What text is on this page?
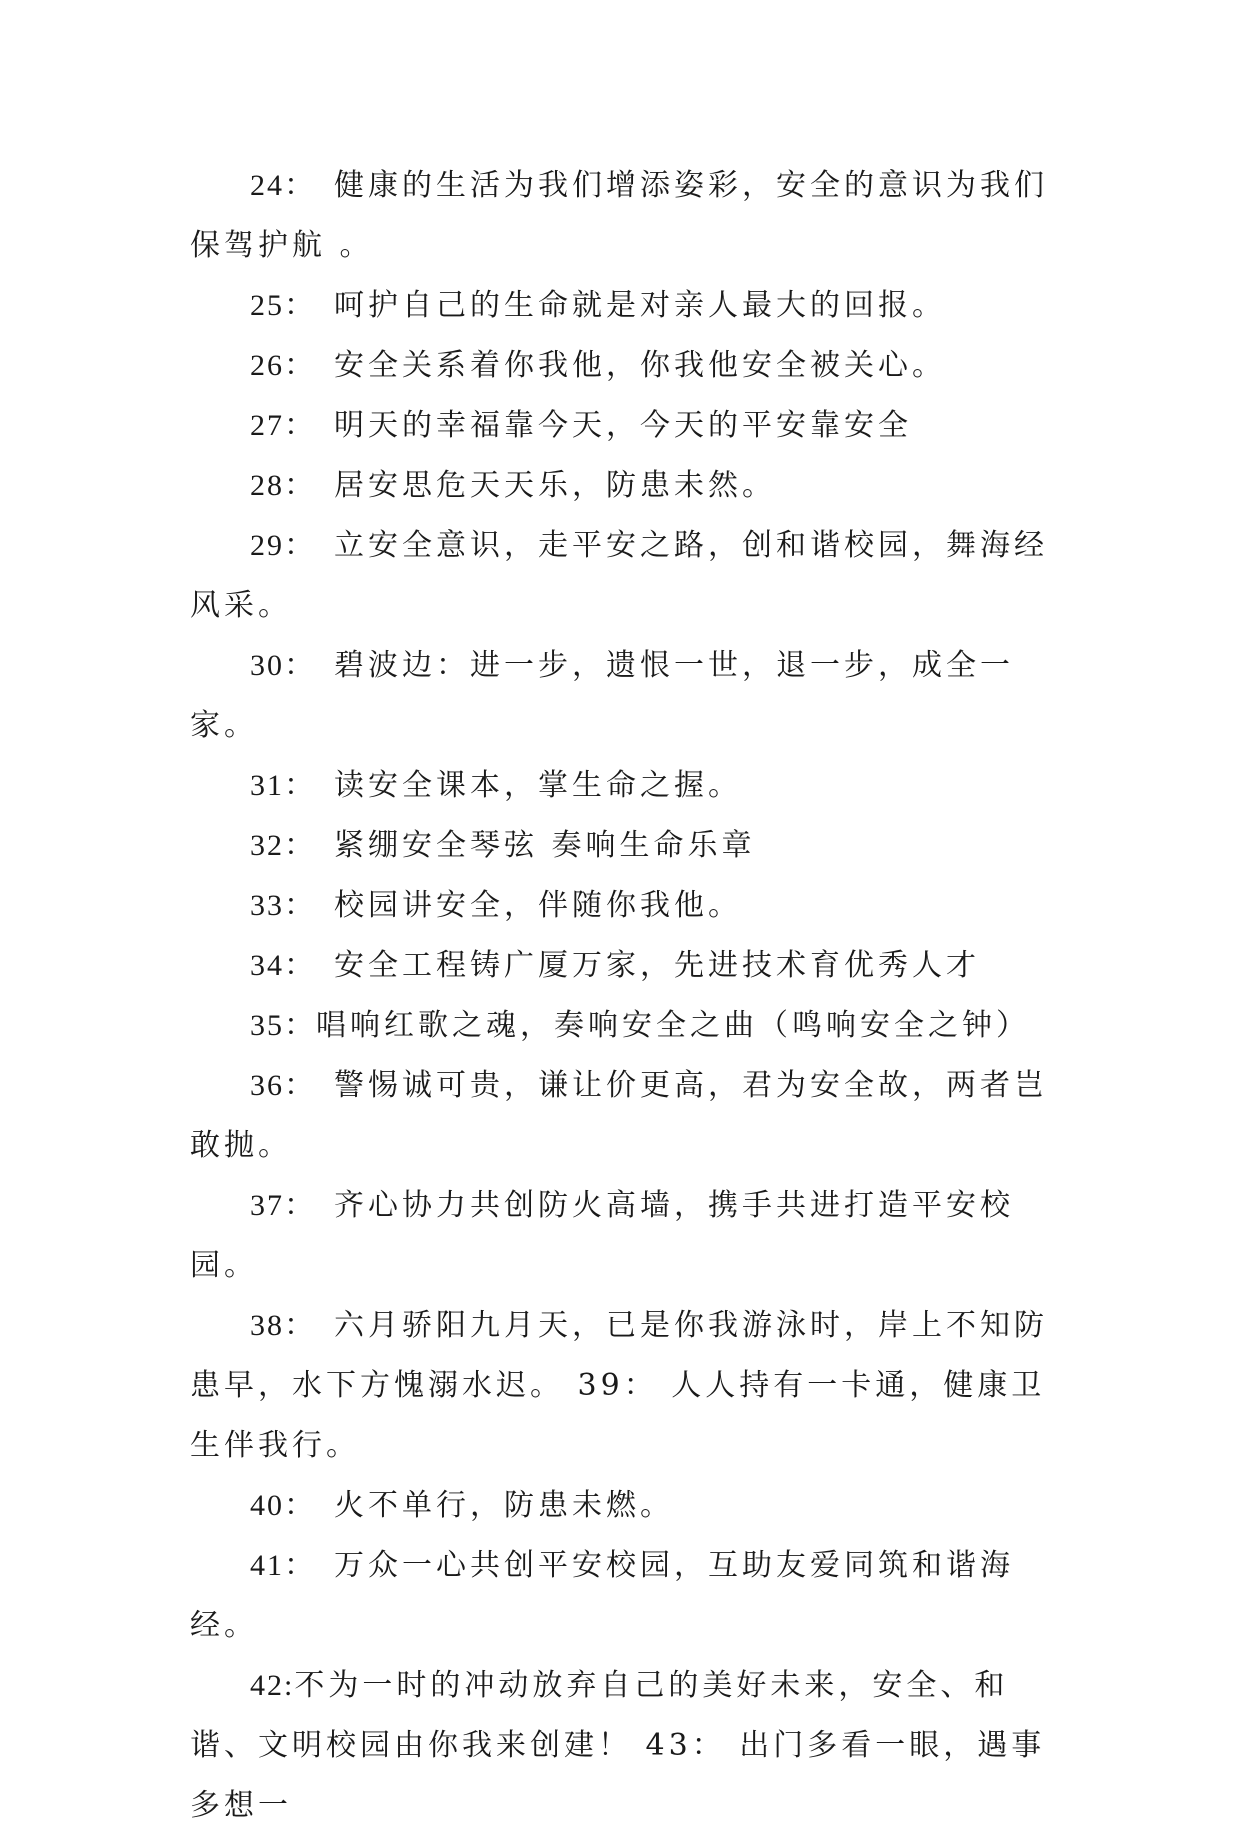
24： 健康的生活为我们增添姿彩，安全的意识为我们保驾护航 。

25： 呵护自己的生命就是对亲人最大的回报。

26： 安全关系着你我他，你我他安全被关心。

27： 明天的幸福靠今天，今天的平安靠安全

28： 居安思危天天乐，防患未然。

29： 立安全意识，走平安之路，创和谐校园，舞海经风采。

30： 碧波边：进一步，遗恨一世，退一步，成全一家。

31： 读安全课本，掌生命之握。

32： 紧绷安全琴弦 奏响生命乐章

33： 校园讲安全，伴随你我他。

34： 安全工程铸广厦万家，先进技术育优秀人才

35：唱响红歌之魂，奏响安全之曲（鸣响安全之钟）

36： 警惕诚可贵，谦让价更高，君为安全故，两者岂敢抛。

37： 齐心协力共创防火高墙，携手共进打造平安校园。

38： 六月骄阳九月天，已是你我游泳时，岸上不知防患早，水下方愧溺水迟。 39： 人人持有一卡通，健康卫生伴我行。

40： 火不单行，防患未燃。

41： 万众一心共创平安校园，互助友爱同筑和谐海经。

42:不为一时的冲动放弃自己的美好未来，安全、和谐、文明校园由你我来创建！ 43： 出门多看一眼，遇事多想一
